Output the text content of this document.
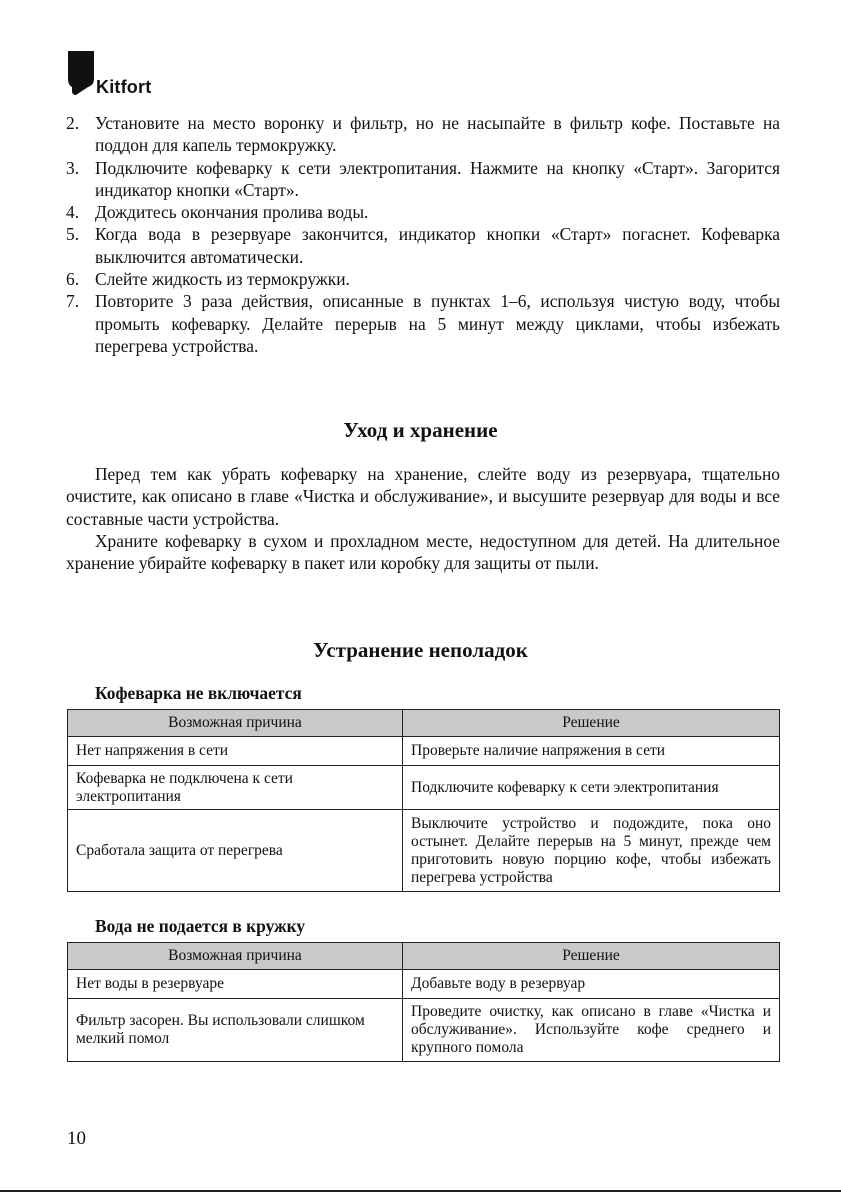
Kitfort
2. Установите на место воронку и фильтр, но не насыпайте в фильтр кофе. Поставьте на поддон для капель термокружку.
3. Подключите кофеварку к сети электропитания. Нажмите на кнопку «Старт». Загорится индикатор кнопки «Старт».
4. Дождитесь окончания пролива воды.
5. Когда вода в резервуаре закончится, индикатор кнопки «Старт» погаснет. Кофеварка выключится автоматически.
6. Слейте жидкость из термокружки.
7. Повторите 3 раза действия, описанные в пунктах 1–6, используя чистую воду, чтобы промыть кофеварку. Делайте перерыв на 5 минут между циклами, чтобы избежать перегрева устройства.
Уход и хранение

Перед тем как убрать кофеварку на хранение, слейте воду из резервуара, тщательно очистите, как описано в главе «Чистка и обслуживание», и высушите резервуар для воды и все составные части устройства.

Храните кофеварку в сухом и прохладном месте, недоступном для детей. На длительное хранение убирайте кофеварку в пакет или коробку для защиты от пыли.

Устранение неполадок
Кофеварка не включается
Возможная причина	Решение
Нет напряжения в сети	Проверьте наличие напряжения в сети
Кофеварка не подключена к сети электропитания	Подключите кофеварку к сети электропитания
Сработала защита от перегрева	Выключите устройство и подождите, пока оно остынет. Делайте перерыв на 5 минут, прежде чем приготовить новую порцию кофе, чтобы избежать перегрева устройства
Вода не подается в кружку
Возможная причина	Решение
Нет воды в резервуаре	Добавьте воду в резервуар
Фильтр засорен. Вы использовали слишком мелкий помол	Проведите очистку, как описано в главе «Чистка и обслуживание». Используйте кофе среднего и крупного помола
10
